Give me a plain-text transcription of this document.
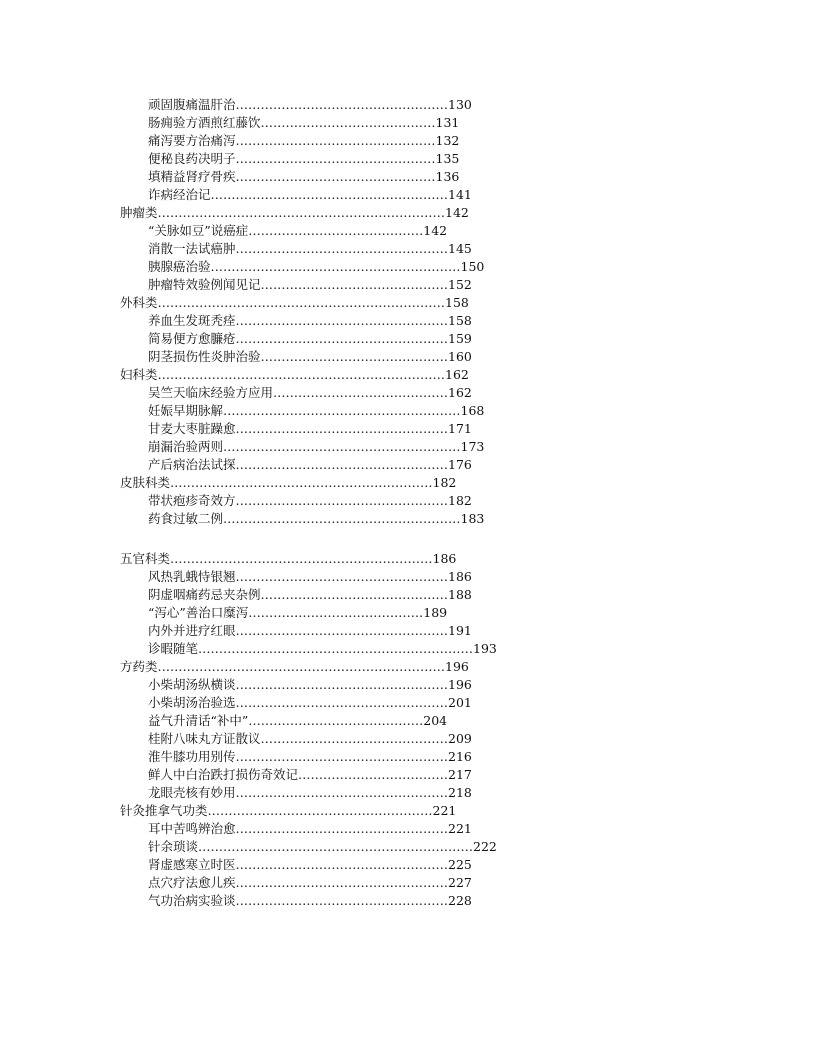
顽固腹痛温肝治……………………………………………130
肠痈验方酒煎红藤饮……………………………………131
痛泻要方治痛泻…………………………………………132
便秘良药决明子…………………………………………135
填精益肾疗骨疾…………………………………………136
诈病经治记…………………………………………………141
肿瘤类……………………………………………………………142
“关脉如豆”说癌症……………………………………142
消散一法试癌肿……………………………………………145
胰腺癌治验……………………………………………………150
肿瘤特效验例闻见记………………………………………152
外科类……………………………………………………………158
养血生发斑秃痊……………………………………………158
简易便方愈臁疮……………………………………………159
阴茎损伤性炎肿治验………………………………………160
妇科类……………………………………………………………162
吴竺天临床经验方应用……………………………………162
妊娠早期脉解…………………………………………………168
甘麦大枣脏躁愈……………………………………………171
崩漏治验两则…………………………………………………173
产后病治法试探……………………………………………176
皮肤科类………………………………………………………182
带状疱疹奇效方……………………………………………182
药食过敏二例…………………………………………………183
五官科类………………………………………………………186
风热乳蛾恃银翘……………………………………………186
阴虚咽痛药忌夹杂例………………………………………188
“泻心”善治口糜泻……………………………………189
内外并进疗红眼……………………………………………191
诊暇随笔…………………………………………………………193
方药类……………………………………………………………196
小柴胡汤纵横谈……………………………………………196
小柴胡汤治验选……………………………………………201
益气升清话“补中”……………………………………204
桂附八味丸方证散议………………………………………209
淮牛膝功用别传……………………………………………216
鲜人中白治跌打损伤奇效记………………………………217
龙眼壳核有妙用……………………………………………218
针灸推拿气功类………………………………………………221
耳中苦鸣辨治愈……………………………………………221
针余琐谈…………………………………………………………222
肾虚感寒立时医……………………………………………225
点穴疗法愈儿疾……………………………………………227
气功治病实验谈……………………………………………228
